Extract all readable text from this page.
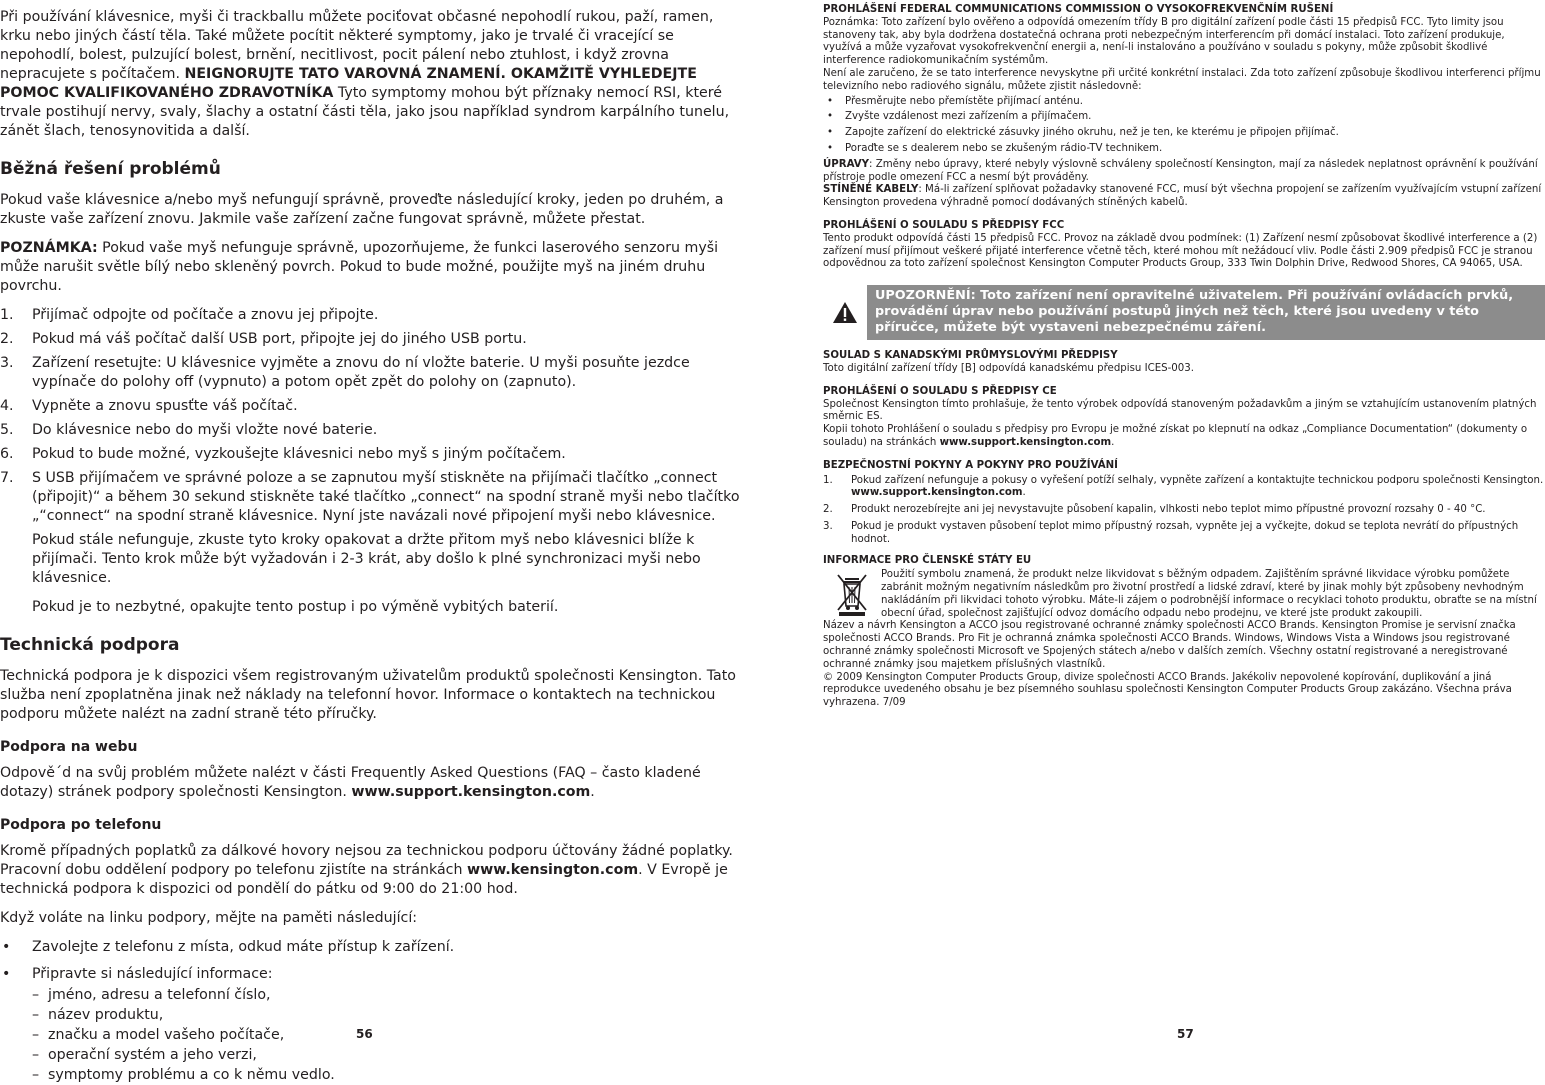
Při používání klávesnice, myši či trackballu můžete pociťovat občasné nepohodlí rukou, paží, ramen, krku nebo jiných částí těla. Také můžete pocítit některé symptomy, jako je trvalé či vracející se nepohodlí, bolest, pulzující bolest, brnění, necitlivost, pocit pálení nebo ztuhlost, i když zrovna nepracujete s počítačem. NEIGNORUJTE TATO VAROVNÁ ZNAMENÍ. OKAMŽITĚ VYHLEDEJTE POMOC KVALIFIKOVANÉHO ZDRAVOTNÍKA Tyto symptomy mohou být příznaky nemocí RSI, které trvale postihují nervy, svaly, šlachy a ostatní části těla, jako jsou například syndrom karpálního tunelu, zánět šlach, tenosynovitida a další.

Běžná řešení problémů

Pokud vaše klávesnice a/nebo myš nefungují správně, proveďte následující kroky, jeden po druhém, a zkuste vaše zařízení znovu. Jakmile vaše zařízení začne fungovat správně, můžete přestat.

POZNÁMKA: Pokud vaše myš nefunguje správně, upozorňujeme, že funkci laserového senzoru myši může narušit světle bílý nebo skleněný povrch. Pokud to bude možné, použijte myš na jiném druhu povrchu.

1. Přijímač odpojte od počítače a znovu jej připojte.
2. Pokud má váš počítač další USB port, připojte jej do jiného USB portu.
3. Zařízení resetujte: U klávesnice vyjměte a znovu do ní vložte baterie. U myši posuňte jezdce vypínače do polohy off (vypnuto) a potom opět zpět do polohy on (zapnuto).
4. Vypněte a znovu spusťte váš počítač.
5. Do klávesnice nebo do myši vložte nové baterie.
6. Pokud to bude možné, vyzkoušejte klávesnici nebo myš s jiným počítačem.
7. S USB přijímačem ve správné poloze a se zapnutou myší stiskněte na přijímači tlačítko „connect (připojit)“ a během 30 sekund stiskněte také tlačítko „connect“ na spodní straně myši nebo tlačítko „“connect“ na spodní straně klávesnice. Nyní jste navázali nové připojení myši nebo klávesnice.

Pokud stále nefunguje, zkuste tyto kroky opakovat a držte přitom myš nebo klávesnici blíže k přijímači. Tento krok může být vyžadován i 2-3 krát, aby došlo k plné synchronizaci myši nebo klávesnice.

Pokud je to nezbytné, opakujte tento postup i po výměně vybitých baterií.

Technická podpora

Technická podpora je k dispozici všem registrovaným uživatelům produktů společnosti Kensington. Tato služba není zpoplatněna jinak než náklady na telefonní hovor. Informace o kontaktech na technickou podporu můžete nalézt na zadní straně této příručky.

Podpora na webu

Odpově´d na svůj problém můžete nalézt v části Frequently Asked Questions (FAQ – často kladené dotazy) stránek podpory společnosti Kensington. www.support.kensington.com.

Podpora po telefonu

Kromě případných poplatků za dálkové hovory nejsou za technickou podporu účtovány žádné poplatky. Pracovní dobu oddělení podpory po telefonu zjistíte na stránkách www.kensington.com. V Evropě je technická podpora k dispozici od pondělí do pátku od 9:00 do 21:00 hod.

Když voláte na linku podpory, mějte na paměti následující:

• Zavolejte z telefonu z místa, odkud máte přístup k zařízení.
• Připravte si následující informace:
– jméno, adresu a telefonní číslo,
– název produktu,
– značku a model vašeho počítače,
– operační systém a jeho verzi,
– symptomy problému a co k němu vedlo.
56
PROHLÁŠENÍ FEDERAL COMMUNICATIONS COMMISSION O VYSOKOFREKVENČNÍM RUŠENÍ

Poznámka: Toto zařízení bylo ověřeno a odpovídá omezením třídy B pro digitální zařízení podle části 15 předpisů FCC. Tyto limity jsou stanoveny tak, aby byla dodržena dostatečná ochrana proti nebezpečným interferencím při domácí instalaci. Toto zařízení produkuje, využívá a může vyzařovat vysokofrekvenční energii a, není-li instalováno a používáno v souladu s pokyny, může způsobit škodlivé interference radiokomunikačním systémům.

Není ale zaručeno, že se tato interference nevyskytne při určité konkrétní instalaci. Zda toto zařízení způsobuje škodlivou interferenci příjmu televizního nebo radiového signálu, můžete zjistit následovně:

• Přesměrujte nebo přemístěte přijímací anténu.
• Zvyšte vzdálenost mezi zařízením a přijímačem.
• Zapojte zařízení do elektrické zásuvky jiného okruhu, než je ten, ke kterému je připojen přijímač.
• Poraďte se s dealerem nebo se zkušeným rádio-TV technikem.

ÚPRAVY: Změny nebo úpravy, které nebyly výslovně schváleny společností Kensington, mají za následek neplatnost oprávnění k používání přístroje podle omezení FCC a nesmí být prováděny.

STÍNĚNÉ KABELY: Má-li zařízení splňovat požadavky stanovené FCC, musí být všechna propojení se zařízením využívajícím vstupní zařízení Kensington provedena výhradně pomocí dodávaných stíněných kabelů.

PROHLÁŠENÍ O SOULADU S PŘEDPISY FCC

Tento produkt odpovídá části 15 předpisů FCC. Provoz na základě dvou podmínek: (1) Zařízení nesmí způsobovat škodlivé interference a (2) zařízení musí přijímout veškeré přijaté interference včetně těch, které mohou mít nežádoucí vliv. Podle části 2.909 předpisů FCC je stranou odpovědnou za toto zařízení společnost Kensington Computer Products Group, 333 Twin Dolphin Drive, Redwood Shores, CA 94065, USA.

UPOZORNĚNÍ: Toto zařízení není opravitelné uživatelem. Při používání ovládacích prvků, provádění úprav nebo používání postupů jiných než těch, které jsou uvedeny v této příručce, můžete být vystaveni nebezpečnému záření.
SOULAD S KANADSKÝMI PRŮMYSLOVÝMI PŘEDPISY

Toto digitální zařízení třídy [B] odpovídá kanadskému předpisu ICES-003.

PROHLÁŠENÍ O SOULADU S PŘEDPISY CE

Společnost Kensington tímto prohlašuje, že tento výrobek odpovídá stanoveným požadavkům a jiným se vztahujícím ustanovením platných směrnic ES.

Kopii tohoto Prohlášení o souladu s předpisy pro Evropu je možné získat po klepnutí na odkaz „Compliance Documentation“ (dokumenty o souladu) na stránkách www.support.kensington.com.

BEZPEČNOSTNÍ POKYNY A POKYNY PRO POUŽÍVÁNÍ
1. Pokud zařízení nefunguje a pokusy o vyřešení potíží selhaly, vypněte zařízení a kontaktujte technickou podporu společnosti Kensington. www.support.kensington.com.
2. Produkt nerozebírejte ani jej nevystavujte působení kapalin, vlhkosti nebo teplot mimo přípustné provozní rozsahy 0 - 40 °C.
3. Pokud je produkt vystaven působení teplot mimo přípustný rozsah, vypněte jej a vyčkejte, dokud se teplota nevrátí do přípustných hodnot.
INFORMACE PRO ČLENSKÉ STÁTY EU
Použití symbolu znamená, že produkt nelze likvidovat s běžným odpadem. Zajištěním správné likvidace výrobku pomůžete zabránit možným negativním následkům pro životní prostředí a lidské zdraví, které by jinak mohly být způsobeny nevhodným nakládáním při likvidaci tohoto výrobku. Máte-li zájem o podrobnější informace o recyklaci tohoto produktu, obraťte se na místní obecní úřad, společnost zajišťující odvoz domácího odpadu nebo prodejnu, ve které jste produkt zakoupili.

Název a návrh Kensington a ACCO jsou registrované ochranné známky společnosti ACCO Brands. Kensington Promise je servisní značka společnosti ACCO Brands. Pro Fit je ochranná známka společnosti ACCO Brands. Windows, Windows Vista a Windows jsou registrované ochranné známky společnosti Microsoft ve Spojených státech a/nebo v dalších zemích. Všechny ostatní registrované a neregistrované ochranné známky jsou majetkem příslušných vlastníků.

© 2009 Kensington Computer Products Group, divize společnosti ACCO Brands. Jakékoliv nepovolené kopírování, duplikování a jiná reprodukce uvedeného obsahu je bez písemného souhlasu společnosti Kensington Computer Products Group zakázáno. Všechna práva vyhrazena. 7/09

57
